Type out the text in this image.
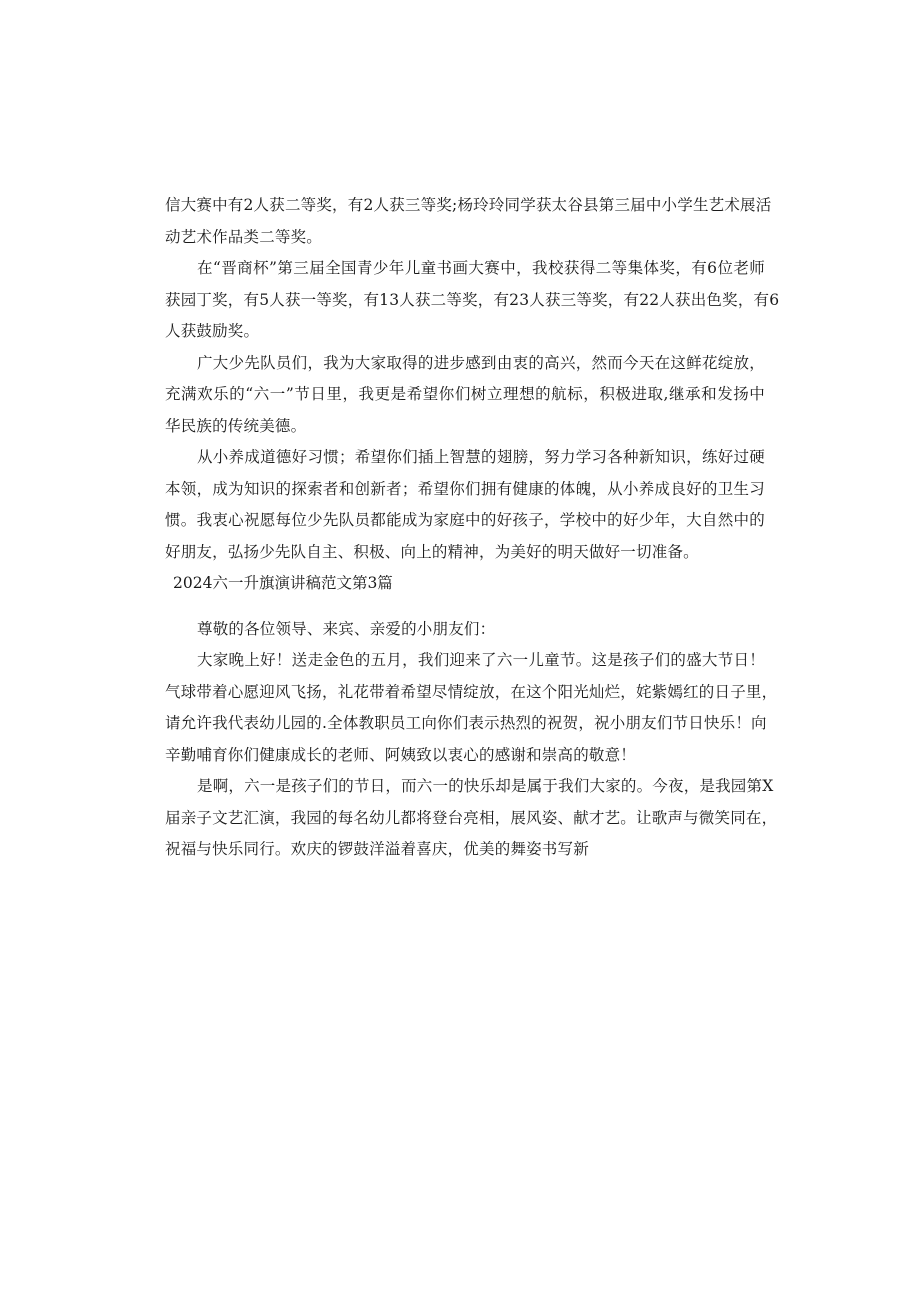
信大赛中有2人获二等奖，有2人获三等奖;杨玲玲同学获太谷县第三届中小学生艺术展活
动艺术作品类二等奖。
在“晋商杯”第三届全国青少年儿童书画大赛中，我校获得二等集体奖，有6位老师
获园丁奖，有5人获一等奖，有13人获二等奖，有23人获三等奖，有22人获出色奖，有6
人获鼓励奖。
广大少先队员们，我为大家取得的进步感到由衷的高兴，然而今天在这鲜花绽放，
充满欢乐的“六一”节日里，我更是希望你们树立理想的航标，积极进取,继承和发扬中
华民族的传统美德。
从小养成道德好习惯；希望你们插上智慧的翅膀，努力学习各种新知识，练好过硬
本领，成为知识的探索者和创新者；希望你们拥有健康的体魄，从小养成良好的卫生习
惯。我衷心祝愿每位少先队员都能成为家庭中的好孩子，学校中的好少年，大自然中的
好朋友，弘扬少先队自主、积极、向上的精神，为美好的明天做好一切准备。
2024六一升旗演讲稿范文第3篇
尊敬的各位领导、来宾、亲爱的小朋友们：
大家晚上好！送走金色的五月，我们迎来了六一儿童节。这是孩子们的盛大节日！
气球带着心愿迎风飞扬，礼花带着希望尽情绽放，在这个阳光灿烂，姹紫嫣红的日子里，
请允许我代表幼儿园的.全体教职员工向你们表示热烈的祝贺，祝小朋友们节日快乐！向
辛勤哺育你们健康成长的老师、阿姨致以衷心的感谢和崇高的敬意！
是啊，六一是孩子们的节日，而六一的快乐却是属于我们大家的。今夜，是我园第X
届亲子文艺汇演，我园的每名幼儿都将登台亮相，展风姿、献才艺。让歌声与微笑同在，
祝福与快乐同行。欢庆的锣鼓洋溢着喜庆，优美的舞姿书写新
